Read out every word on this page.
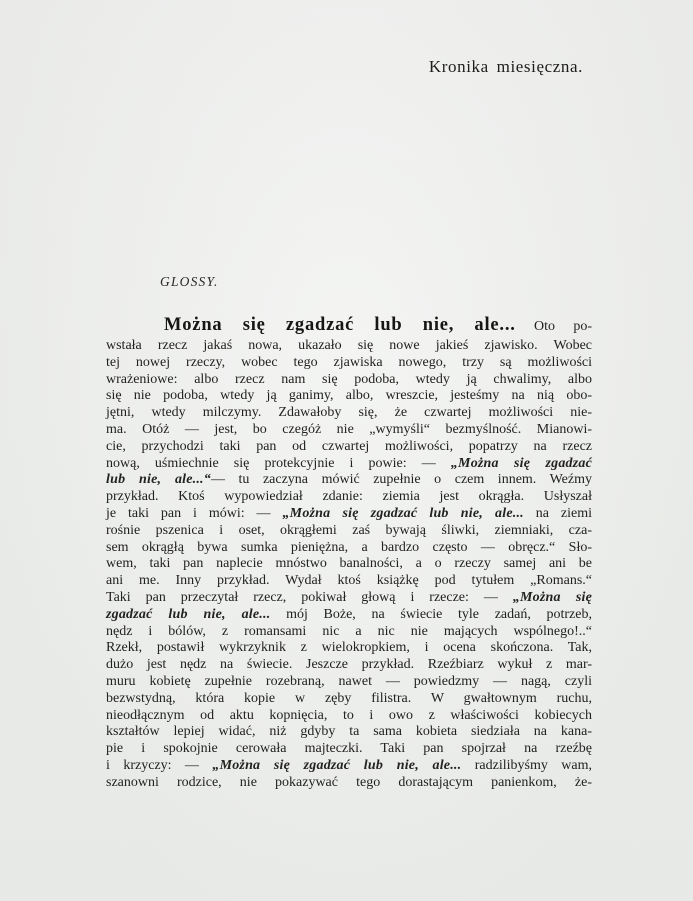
Kronika miesięczna.
GLOSSY.
Można się zgadzać lub nie, ale... Oto po-
wstała rzecz jakaś nowa, ukazało się nowe jakieś zjawisko. Wobec
tej nowej rzeczy, wobec tego zjawiska nowego, trzy są możliwości
wrażeniowe: albo rzecz nam się podoba, wtedy ją chwalimy, albo
się nie podoba, wtedy ją ganimy, albo, wreszcie, jesteśmy na nią obo-
jętni, wtedy milczymy. Zdawałoby się, że czwartej możliwości nie-
ma. Otóż — jest, bo czegóż nie „wymyśli“ bezmyślność. Mianowi-
cie, przychodzi taki pan od czwartej możliwości, popatrzy na rzecz
nową, uśmiechnie się protekcyjnie i powie: — „Można się zgadzać
lub nie, ale...“— tu zaczyna mówić zupełnie o czem innem. Weźmy
przykład. Ktoś wypowiedział zdanie: ziemia jest okrągła. Usłyszał
je taki pan i mówi: — „Można się zgadzać lub nie, ale... na ziemi
rośnie pszenica i oset, okrągłemi zaś bywają śliwki, ziemniaki, cza-
sem okrągłą bywa sumka pieniężna, a bardzo często — obręcz.“ Sło-
wem, taki pan naplecie mnóstwo banalności, a o rzeczy samej ani be
ani me. Inny przykład. Wydał ktoś książkę pod tytułem „Romans.“
Taki pan przeczytał rzecz, pokiwał głową i rzecze: — „Można się
zgadzać lub nie, ale... mój Boże, na świecie tyle zadań, potrzeb,
nędz i bólów, z romansami nic a nic nie mających wspólnego!..“
Rzekł, postawił wykrzyknik z wielokropkiem, i ocena skończona. Tak,
dużo jest nędz na świecie. Jeszcze przykład. Rzeźbiarz wykuł z mar-
muru kobietę zupełnie rozebraną, nawet — powiedzmy — nagą, czyli
bezwstydną, która kopie w zęby filistra. W gwałtownym ruchu,
nieodłącznym od aktu kopnięcia, to i owo z właściwości kobiecych
kształtów lepiej widać, niż gdyby ta sama kobieta siedziała na kana-
pie i spokojnie cerowała majteczki. Taki pan spojrzał na rzeźbę
i krzyczy: — „Można się zgadzać lub nie, ale... radzilibyśmy wam,
szanowni rodzice, nie pokazywać tego dorastającym panienkom, że-
